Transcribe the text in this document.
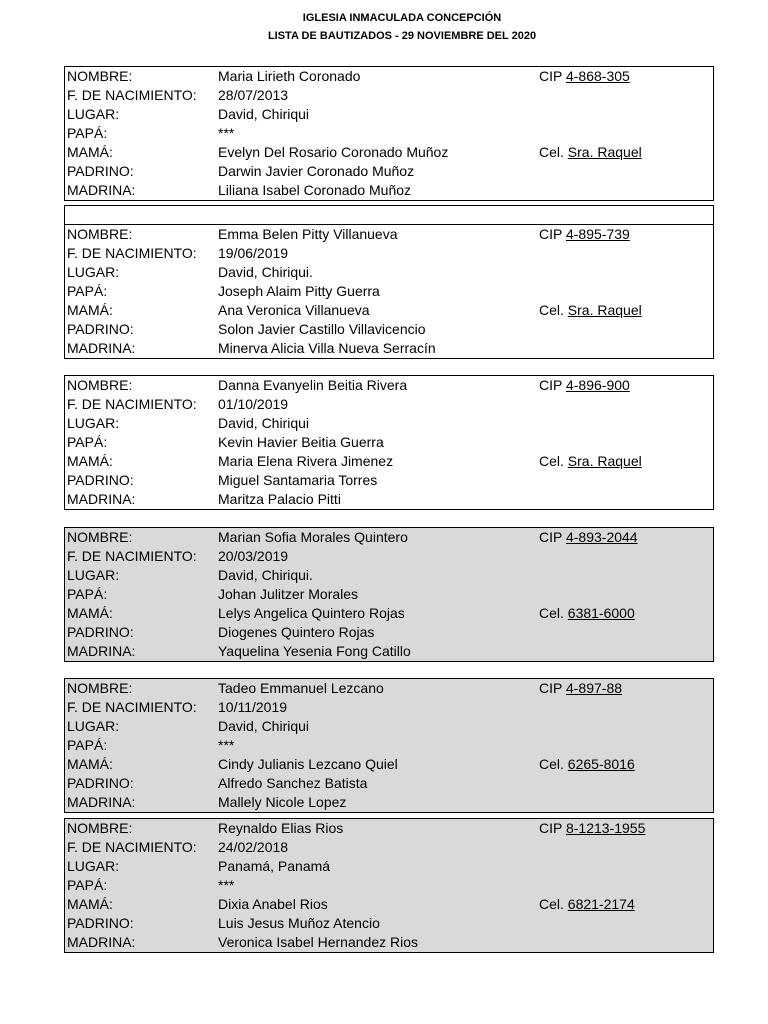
IGLESIA INMACULADA CONCEPCIÓN
LISTA DE BAUTIZADOS - 29 NOVIEMBRE DEL 2020
NOMBRE:	Maria Lirieth Coronado	CIP 4-868-305
F. DE NACIMIENTO: 28/07/2013
LUGAR:	David, Chiriqui
PAPÁ:	***
MAMÁ:	Evelyn Del Rosario Coronado Muñoz	Cel. Sra. Raquel
PADRINO:	Darwin Javier Coronado Muñoz
MADRINA:	Liliana Isabel Coronado Muñoz
NOMBRE:	Emma Belen Pitty Villanueva	CIP 4-895-739
F. DE NACIMIENTO: 19/06/2019
LUGAR:	David, Chiriqui.
PAPÁ:	Joseph Alaim Pitty Guerra
MAMÁ:	Ana Veronica Villanueva	Cel. Sra. Raquel
PADRINO:	Solon Javier Castillo Villavicencio
MADRINA:	Minerva Alicia Villa Nueva Serracín
NOMBRE:	Danna Evanyelin Beitia Rivera	CIP 4-896-900
F. DE NACIMIENTO: 01/10/2019
LUGAR:	David, Chiriqui
PAPÁ:	Kevin Havier Beitia Guerra
MAMÁ:	Maria Elena Rivera Jimenez	Cel. Sra. Raquel
PADRINO:	Miguel Santamaria Torres
MADRINA:	Maritza Palacio Pitti
NOMBRE:	Marian Sofia Morales Quintero	CIP 4-893-2044
F. DE NACIMIENTO: 20/03/2019
LUGAR:	David, Chiriqui.
PAPÁ:	Johan Julitzer Morales
MAMÁ:	Lelys Angelica Quintero Rojas	Cel. 6381-6000
PADRINO:	Diogenes Quintero Rojas
MADRINA:	Yaquelina Yesenia Fong Catillo
NOMBRE:	Tadeo Emmanuel Lezcano	CIP 4-897-88
F. DE NACIMIENTO: 10/11/2019
LUGAR:	David, Chiriqui
PAPÁ:	***
MAMÁ:	Cindy Julianis Lezcano Quiel	Cel. 6265-8016
PADRINO:	Alfredo Sanchez Batista
MADRINA:	Mallely Nicole Lopez
NOMBRE:	Reynaldo Elias Rios	CIP 8-1213-1955
F. DE NACIMIENTO: 24/02/2018
LUGAR:	Panamá, Panamá
PAPÁ:	***
MAMÁ:	Dixia Anabel Rios	Cel. 6821-2174
PADRINO:	Luis Jesus Muñoz Atencio
MADRINA:	Veronica Isabel Hernandez Rios
